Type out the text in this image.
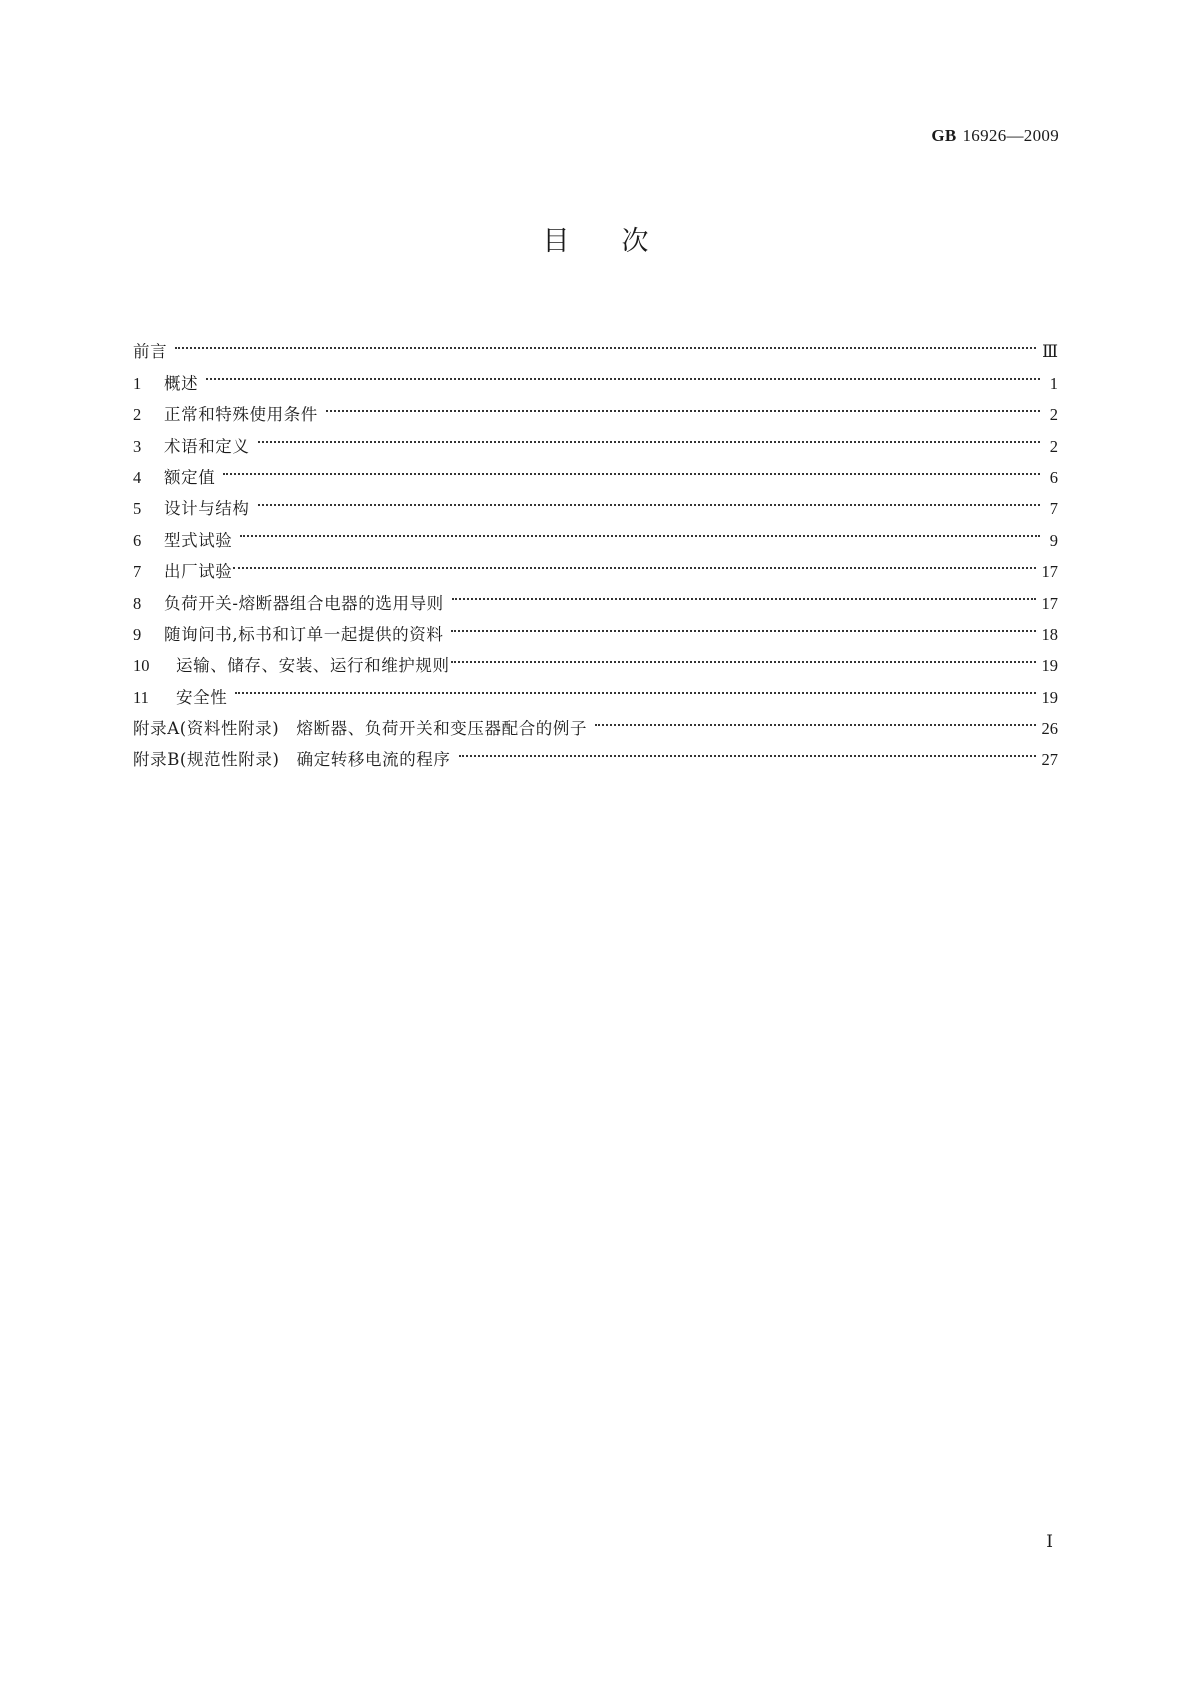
GB 16926—2009
目次
前言	Ⅲ
1	概述	1
2	正常和特殊使用条件	2
3	术语和定义	2
4	额定值	6
5	设计与结构	7
6	型式试验	9
7	出厂试验	17
8	负荷开关-熔断器组合电器的选用导则	17
9	随询问书,标书和订单一起提供的资料	18
10	运输、储存、安装、运行和维护规则	19
11	安全性	19
附录A(资料性附录)　熔断器、负荷开关和变压器配合的例子	26
附录B(规范性附录)　确定转移电流的程序	27
Ⅰ
